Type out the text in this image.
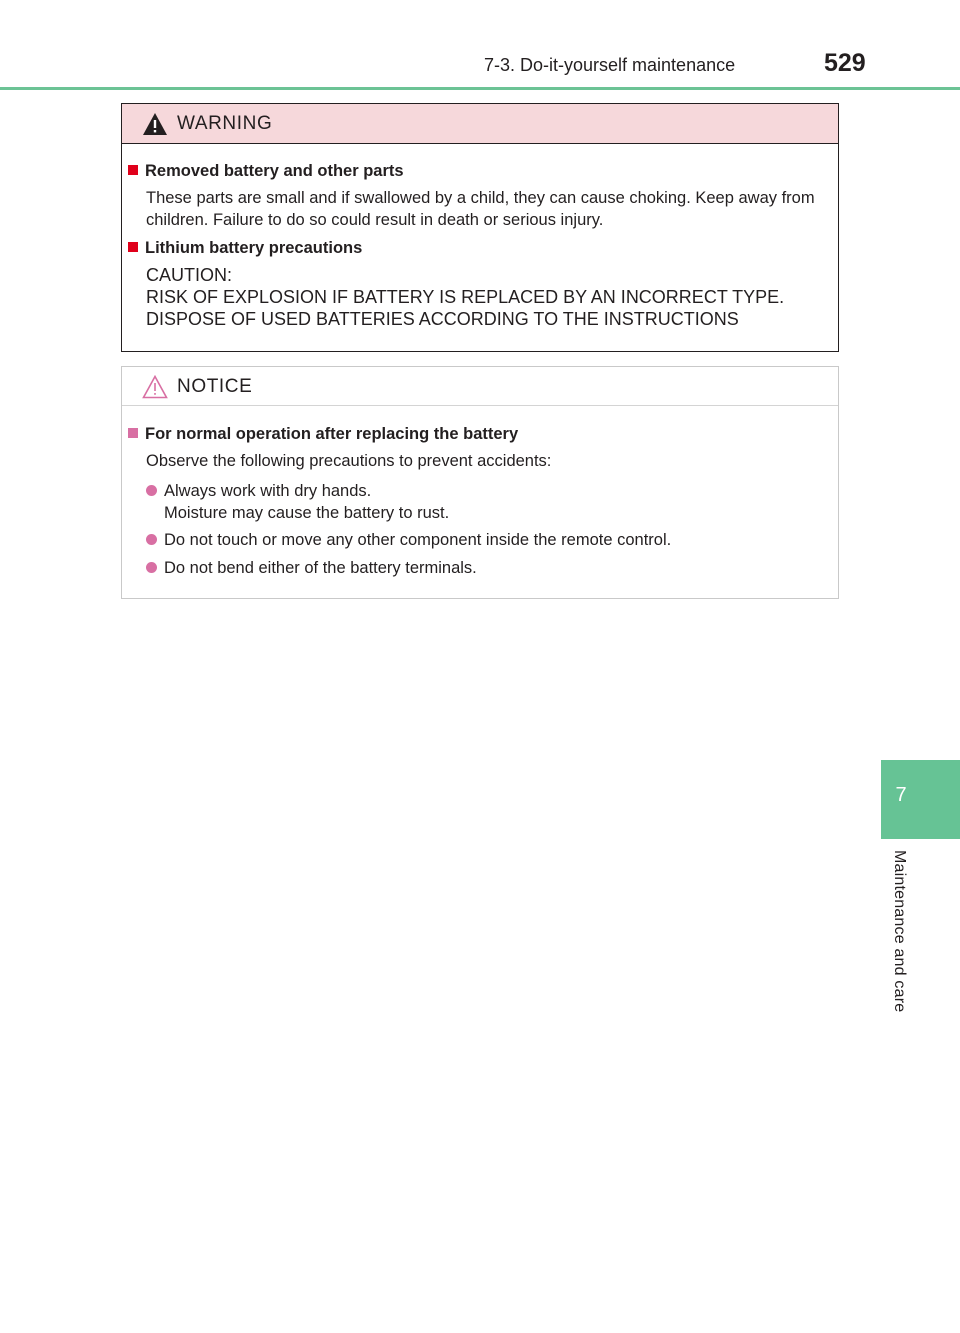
7-3. Do-it-yourself maintenance	529
7
Maintenance and care
WARNING
Removed battery and other parts
These parts are small and if swallowed by a child, they can cause choking. Keep away from children. Failure to do so could result in death or serious injury.
Lithium battery precautions
CAUTION:
RISK OF EXPLOSION IF BATTERY IS REPLACED BY AN INCORRECT TYPE.
DISPOSE OF USED BATTERIES ACCORDING TO THE INSTRUCTIONS
NOTICE
For normal operation after replacing the battery
Observe the following precautions to prevent accidents:
Always work with dry hands.
Moisture may cause the battery to rust.
Do not touch or move any other component inside the remote control.
Do not bend either of the battery terminals.
